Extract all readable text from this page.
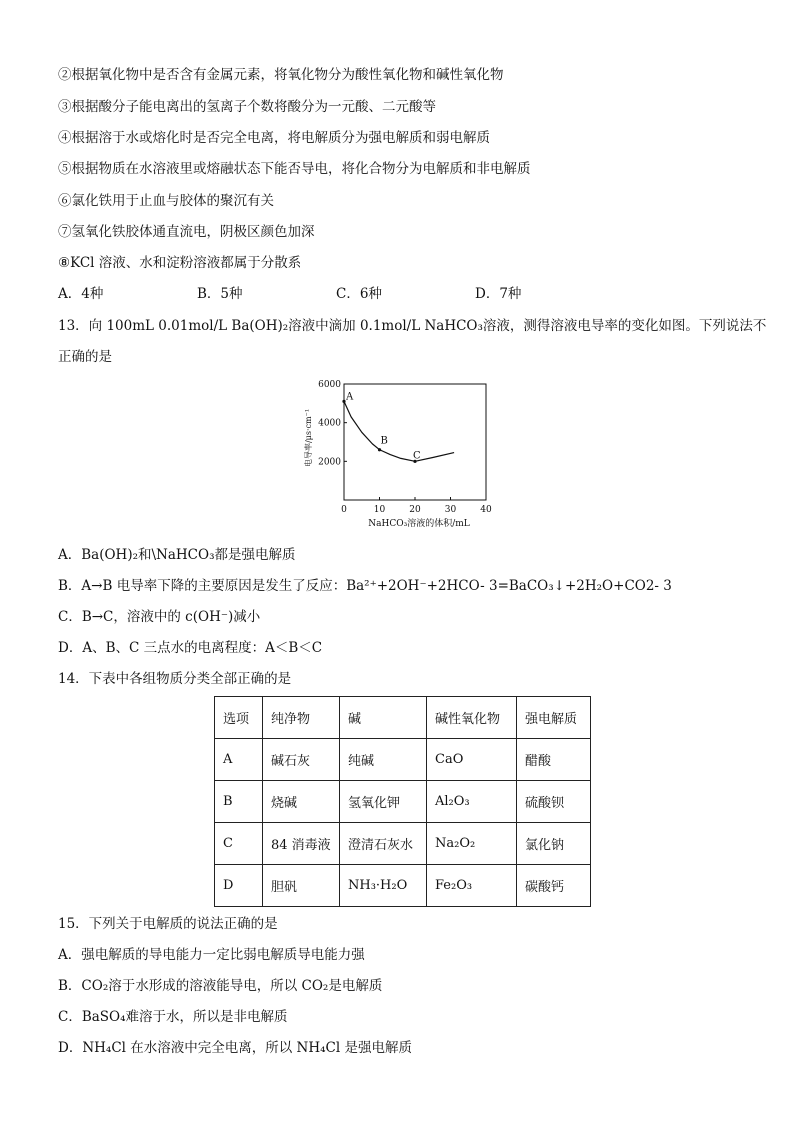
②根据氧化物中是否含有金属元素，将氧化物分为酸性氧化物和碱性氧化物
③根据酸分子能电离出的氢离子个数将酸分为一元酸、二元酸等
④根据溶于水或熔化时是否完全电离，将电解质分为强电解质和弱电解质
⑤根据物质在水溶液里或熔融状态下能否导电，将化合物分为电解质和非电解质
⑥氯化铁用于止血与胶体的聚沉有关
⑦氢氧化铁胶体通直流电，阴极区颜色加深
⑧KCl 溶液、水和淀粉溶液都属于分散系
A．4种	B．5种	C．6种	D．7种
13．向 100mL 0.01mol/L Ba(OH)₂溶液中滴加 0.1mol/L NaHCO₃溶液，测得溶液电导率的变化如图。下列说法不
正确的是
0	10	20	30	40
2000
4000
6000
NaHCO₃溶液的体积/mL
电导率/μs·cm⁻¹
A
B
C
A．Ba(OH)₂和\NaHCO₃都是强电解质
B．A→B 电导率下降的主要原因是发生了反应：Ba²⁺+2OH⁻+2HCO- 3=BaCO₃↓+2H₂O+CO2- 3
C．B→C，溶液中的 c(OH⁻)减小
D．A、B、C 三点水的电离程度：A＜B＜C
14．下表中各组物质分类全部正确的是
选项	纯净物	碱	碱性氧化物	强电解质
A	碱石灰	纯碱	CaO	醋酸
B	烧碱	氢氧化钾	Al₂O₃	硫酸钡
C	84 消毒液	澄清石灰水	Na₂O₂	氯化钠
D	胆矾	NH₃·H₂O	Fe₂O₃	碳酸钙
15．下列关于电解质的说法正确的是
A．强电解质的导电能力一定比弱电解质导电能力强
B．CO₂溶于水形成的溶液能导电，所以 CO₂是电解质
C．BaSO₄难溶于水，所以是非电解质
D．NH₄Cl 在水溶液中完全电离，所以 NH₄Cl 是强电解质
